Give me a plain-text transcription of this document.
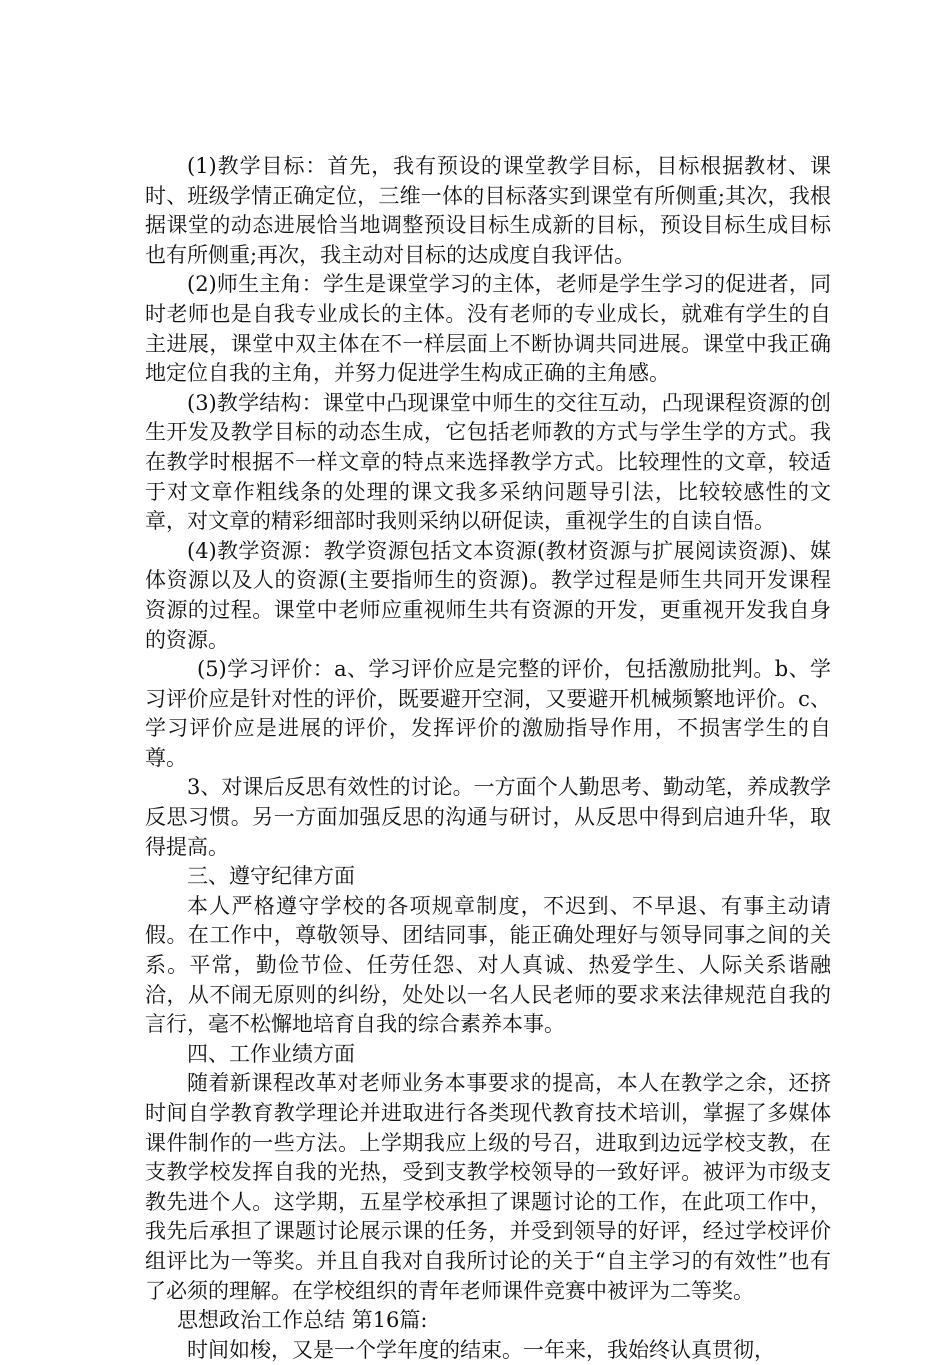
(1)教学目标：首先，我有预设的课堂教学目标，目标根据教材、课时、班级学情正确定位，三维一体的目标落实到课堂有所侧重;其次，我根据课堂的动态进展恰当地调整预设目标生成新的目标，预设目标生成目标也有所侧重;再次，我主动对目标的达成度自我评估。

(2)师生主角：学生是课堂学习的主体，老师是学生学习的促进者，同时老师也是自我专业成长的主体。没有老师的专业成长，就难有学生的自主进展，课堂中双主体在不一样层面上不断协调共同进展。课堂中我正确地定位自我的主角，并努力促进学生构成正确的主角感。

(3)教学结构：课堂中凸现课堂中师生的交往互动，凸现课程资源的创生开发及教学目标的动态生成，它包括老师教的方式与学生学的方式。我在教学时根据不一样文章的特点来选择教学方式。比较理性的文章，较适于对文章作粗线条的处理的课文我多采纳问题导引法，比较较感性的文章，对文章的精彩细部时我则采纳以研促读，重视学生的自读自悟。

(4)教学资源：教学资源包括文本资源(教材资源与扩展阅读资源)、媒体资源以及人的资源(主要指师生的资源)。教学过程是师生共同开发课程资源的过程。课堂中老师应重视师生共有资源的开发，更重视开发我自身的资源。

(5)学习评价：a、学习评价应是完整的评价，包括激励批判。b、学习评价应是针对性的评价，既要避开空洞，又要避开机械频繁地评价。c、学习评价应是进展的评价，发挥评价的激励指导作用，不损害学生的自尊。

3、对课后反思有效性的讨论。一方面个人勤思考、勤动笔，养成教学反思习惯。另一方面加强反思的沟通与研讨，从反思中得到启迪升华，取得提高。

三、遵守纪律方面

本人严格遵守学校的各项规章制度，不迟到、不早退、有事主动请假。在工作中，尊敬领导、团结同事，能正确处理好与领导同事之间的关系。平常，勤俭节俭、任劳任怨、对人真诚、热爱学生、人际关系谐融洽，从不闹无原则的纠纷，处处以一名人民老师的要求来法律规范自我的言行，毫不松懈地培育自我的综合素养本事。

四、工作业绩方面

随着新课程改革对老师业务本事要求的提高，本人在教学之余，还挤时间自学教育教学理论并进取进行各类现代教育技术培训，掌握了多媒体课件制作的一些方法。上学期我应上级的号召，进取到边远学校支教，在支教学校发挥自我的光热，受到支教学校领导的一致好评。被评为市级支教先进个人。这学期，五星学校承担了课题讨论的工作，在此项工作中，我先后承担了课题讨论展示课的任务，并受到领导的好评，经过学校评价组评比为一等奖。并且自我对自我所讨论的关于“自主学习的有效性”也有了必须的理解。在学校组织的青年老师课件竞赛中被评为二等奖。

思想政治工作总结 第16篇:

时间如梭，又是一个学年度的结束。一年来，我始终认真贯彻，
